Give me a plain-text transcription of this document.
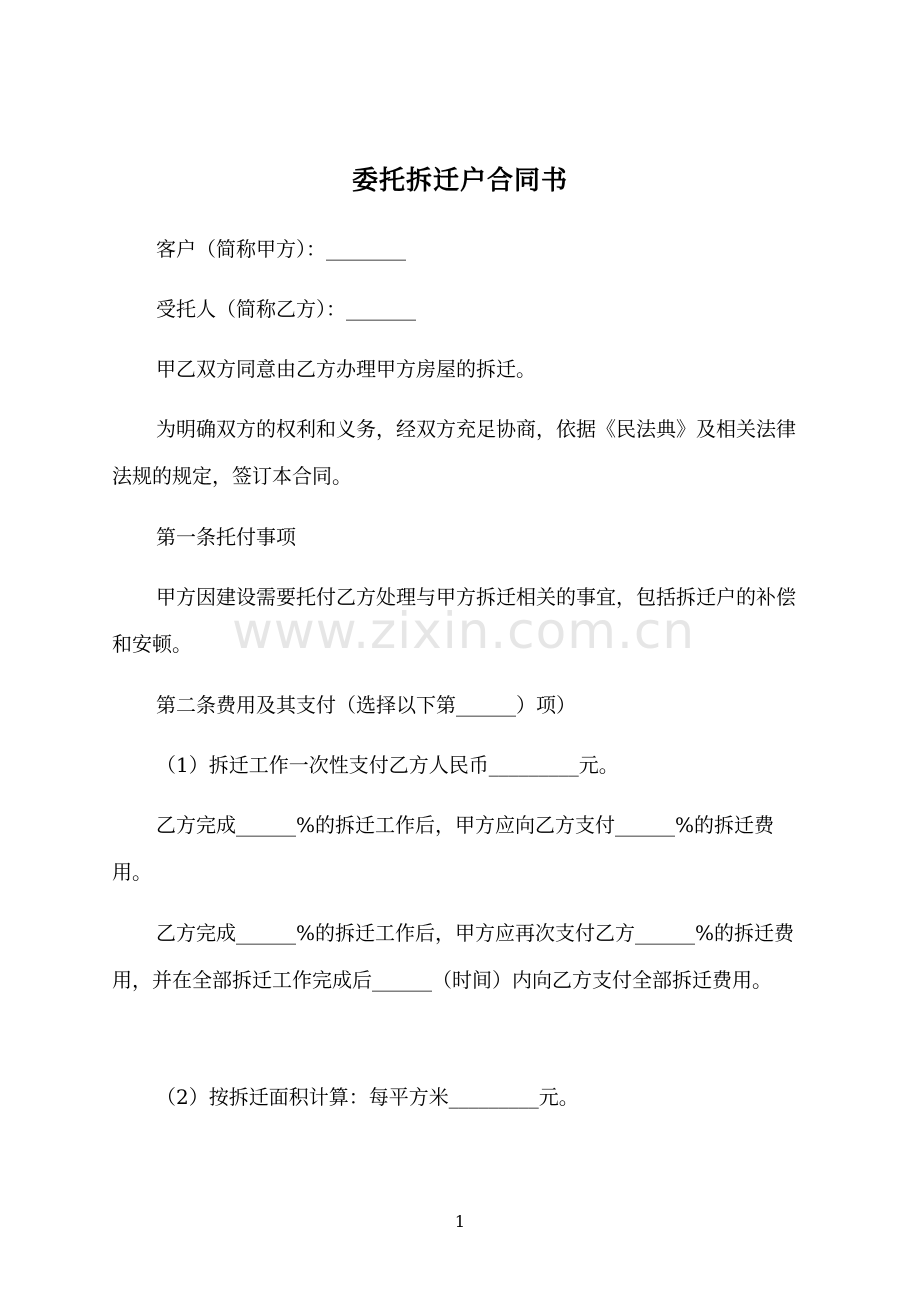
委托拆迁户合同书

客户（简称甲方）：________

受托人（简称乙方）：_______

甲乙双方同意由乙方办理甲方房屋的拆迁。

为明确双方的权利和义务，经双方充足协商，依据《民法典》及相关法律法规的规定，签订本合同。

第一条托付事项

甲方因建设需要托付乙方处理与甲方拆迁相关的事宜，包括拆迁户的补偿和安顿。

第二条费用及其支付（选择以下第______）项）

（1）拆迁工作一次性支付乙方人民币_________元。

乙方完成______%的拆迁工作后，甲方应向乙方支付______%的拆迁费用。

乙方完成______%的拆迁工作后，甲方应再次支付乙方______%的拆迁费用，并在全部拆迁工作完成后______（时间）内向乙方支付全部拆迁费用。

（2）按拆迁面积计算：每平方米_________元。

www.zixin.com.cn
1
